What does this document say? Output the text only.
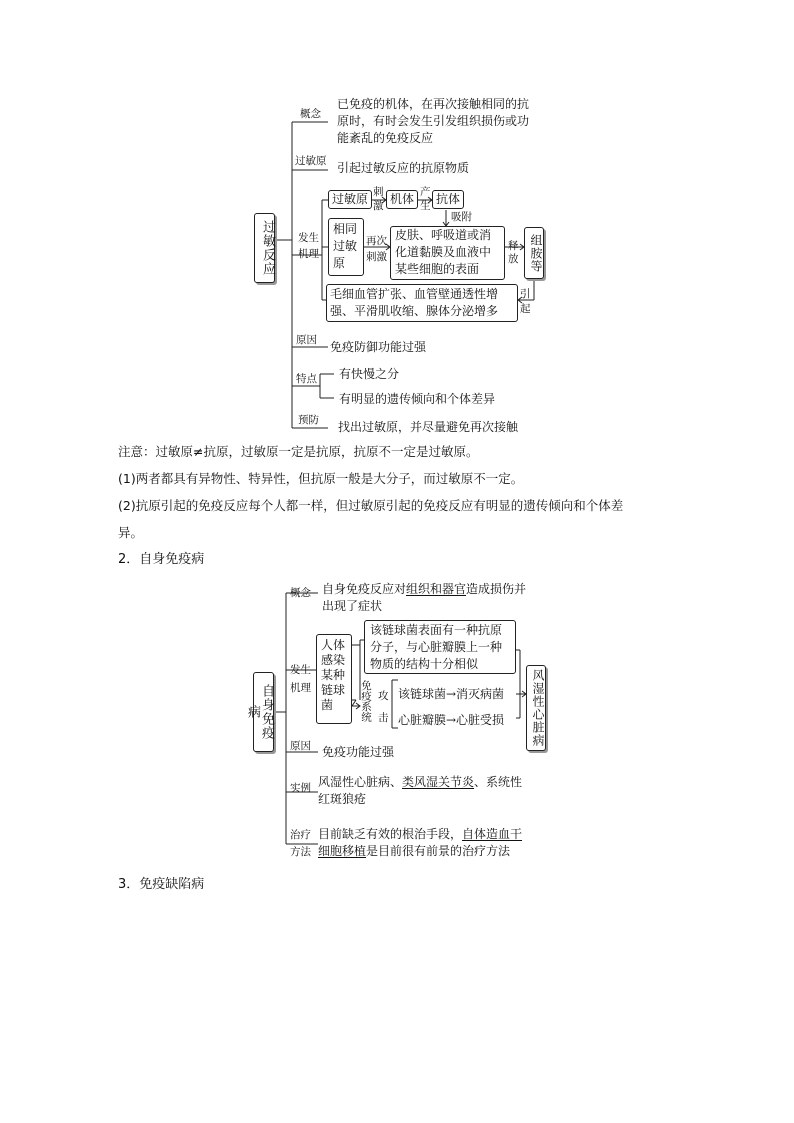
过敏反应
概念
已免疫的机体，在再次接触相同的抗
原时，有时会发生引发组织损伤或功
能紊乱的免疫反应
过敏原 引起过敏反应的抗原物质
发生
机理
过敏原 刺
激 机体 产
生 抗体
吸附
相同
过敏
原
再次
刺激
皮肤、呼吸道或消
化道黏膜及血液中
某些细胞的表面
释
放 组胺等
引
起
毛细血管扩张、血管壁通透性增
强、平滑肌收缩、腺体分泌增多
原因 免疫防御功能过强
特点 有快慢之分
有明显的遗传倾向和个体差异
预防 找出过敏原，并尽量避免再次接触
注意：过敏原≠抗原，过敏原一定是抗原，抗原不一定是过敏原。
(1)两者都具有异物性、特异性，但抗原一般是大分子，而过敏原不一定。
(2)抗原引起的免疫反应每个人都一样，但过敏原引起的免疫反应有明显的遗传倾向和个体差
异。
2．自身免疫病
自身免疫病
概念 自身免疫反应对组织和器官造成损伤并
出现了症状
发生
机理
人体感染某种链球菌
该链球菌表面有一种抗原
分子，与心脏瓣膜上一种
物质的结构十分相似
免疫系统 攻
击
该链球菌→消灭病菌
心脏瓣膜→心脏受损	风湿性心脏病
原因 免疫功能过强
实例 风湿性心脏病、类风湿关节炎、系统性
红斑狼疮
治疗
方法
目前缺乏有效的根治手段，自体造血干
细胞移植是目前很有前景的治疗方法
3．免疫缺陷病
